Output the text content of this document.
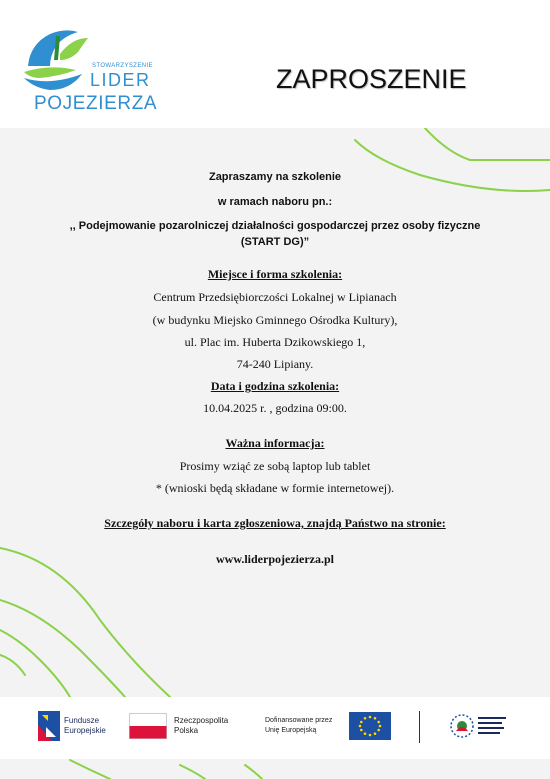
STOWARZYSZENIE
LIDER
POJEZIERZA
ZAPROSZENIE
Zapraszamy na szkolenie
w ramach naboru pn.:
,, Podejmowanie pozarolniczej działalności gospodarczej przez osoby fizyczne
(START DG)”
Miejsce i forma szkolenia:
Centrum Przedsiębiorczości Lokalnej w Lipianach
(w budynku Miejsko Gminnego Ośrodka Kultury),
ul. Plac im. Huberta Dzikowskiego 1,
74-240 Lipiany.
Data i godzina szkolenia:
10.04.2025 r. , godzina 09:00.
Ważna informacja:
Prosimy wziąć ze sobą laptop lub tablet
* (wnioski będą składane w formie internetowej).
Szczegóły naboru i karta zgłoszeniowa, znajdą Państwo na stronie:
www.liderpojezierza.pl
Fundusze
Europejskie
Rzeczpospolita
Polska
Dofinansowane przez
Unię Europejską
